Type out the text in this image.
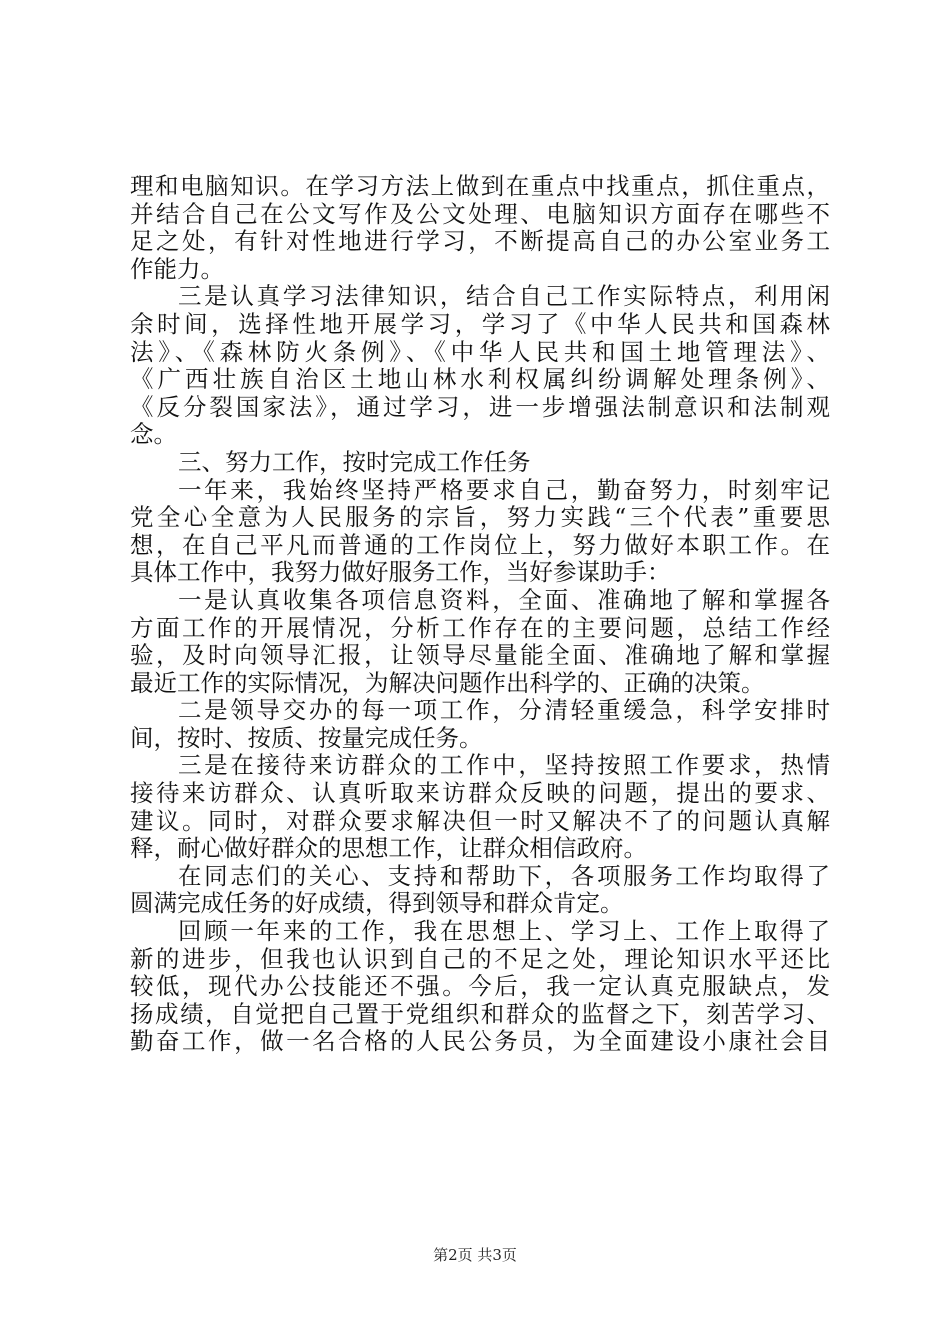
理和电脑知识。在学习方法上做到在重点中找重点，抓住重点，
并结合自己在公文写作及公文处理、电脑知识方面存在哪些不
足之处，有针对性地进行学习，不断提高自己的办公室业务工
作能力。
三是认真学习法律知识，结合自己工作实际特点，利用闲
余时间，选择性地开展学习，学习了《中华人民共和国森林
法》、《森林防火条例》、《中华人民共和国土地管理法》、
《广西壮族自治区土地山林水利权属纠纷调解处理条例》、
《反分裂国家法》，通过学习，进一步增强法制意识和法制观
念。
三、努力工作，按时完成工作任务
一年来，我始终坚持严格要求自己，勤奋努力，时刻牢记
党全心全意为人民服务的宗旨，努力实践“三个代表”重要思
想，在自己平凡而普通的工作岗位上，努力做好本职工作。在
具体工作中，我努力做好服务工作，当好参谋助手：
一是认真收集各项信息资料，全面、准确地了解和掌握各
方面工作的开展情况，分析工作存在的主要问题，总结工作经
验，及时向领导汇报，让领导尽量能全面、准确地了解和掌握
最近工作的实际情况，为解决问题作出科学的、正确的决策。
二是领导交办的每一项工作，分清轻重缓急，科学安排时
间，按时、按质、按量完成任务。
三是在接待来访群众的工作中，坚持按照工作要求，热情
接待来访群众、认真听取来访群众反映的问题，提出的要求、
建议。同时，对群众要求解决但一时又解决不了的问题认真解
释，耐心做好群众的思想工作，让群众相信政府。
在同志们的关心、支持和帮助下，各项服务工作均取得了
圆满完成任务的好成绩，得到领导和群众肯定。
回顾一年来的工作，我在思想上、学习上、工作上取得了
新的进步，但我也认识到自己的不足之处，理论知识水平还比
较低，现代办公技能还不强。今后，我一定认真克服缺点，发
扬成绩，自觉把自己置于党组织和群众的监督之下，刻苦学习、
勤奋工作，做一名合格的人民公务员，为全面建设小康社会目
第2页 共3页
